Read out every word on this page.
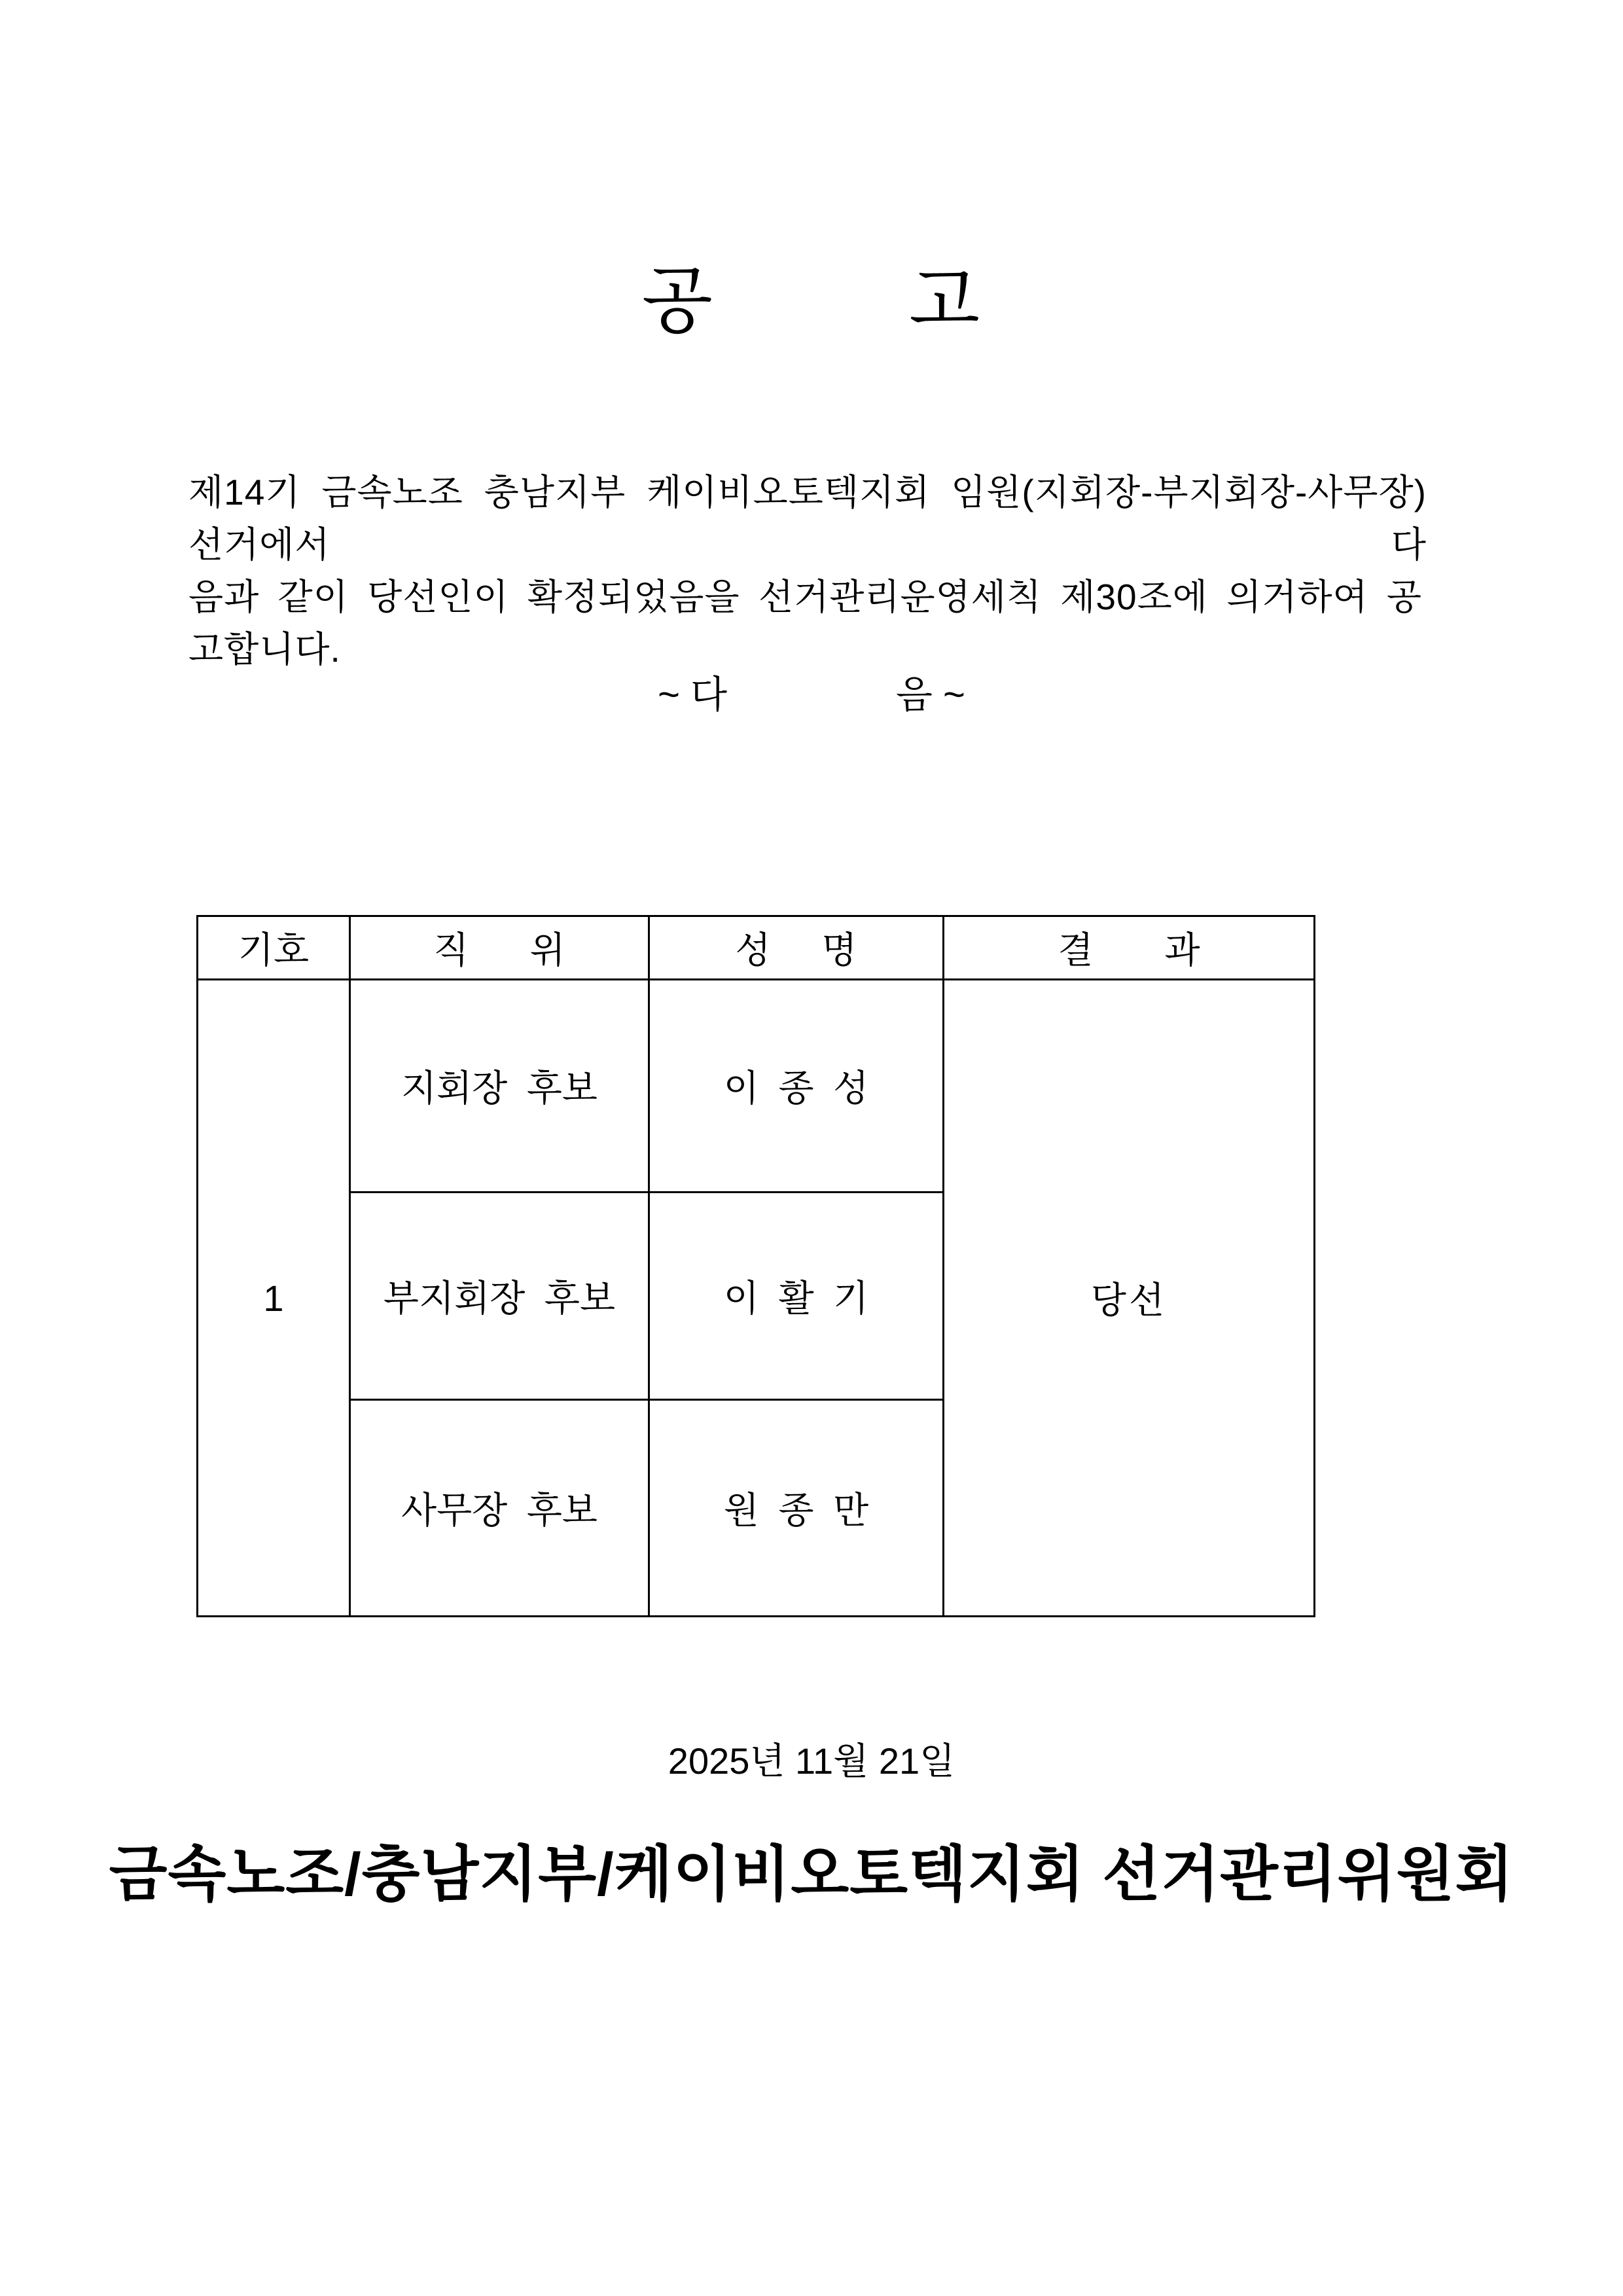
공         고
제14기 금속노조 충남지부 케이비오토텍지회 임원(지회장-부지회장-사무장)선거에서 다
음과 같이 당선인이 확정되었음을 선거관리운영세칙 제30조에 의거하여 공고합니다.
~ 다                음 ~
기호	직      위	성     명	결       과
1	지회장 후보	이 종 성	당선
	부지회장 후보	이 활 기	
	사무장 후보	원 종 만	
2025년 11월 21일
금속노조/충남지부/케이비오토텍지회 선거관리위원회
